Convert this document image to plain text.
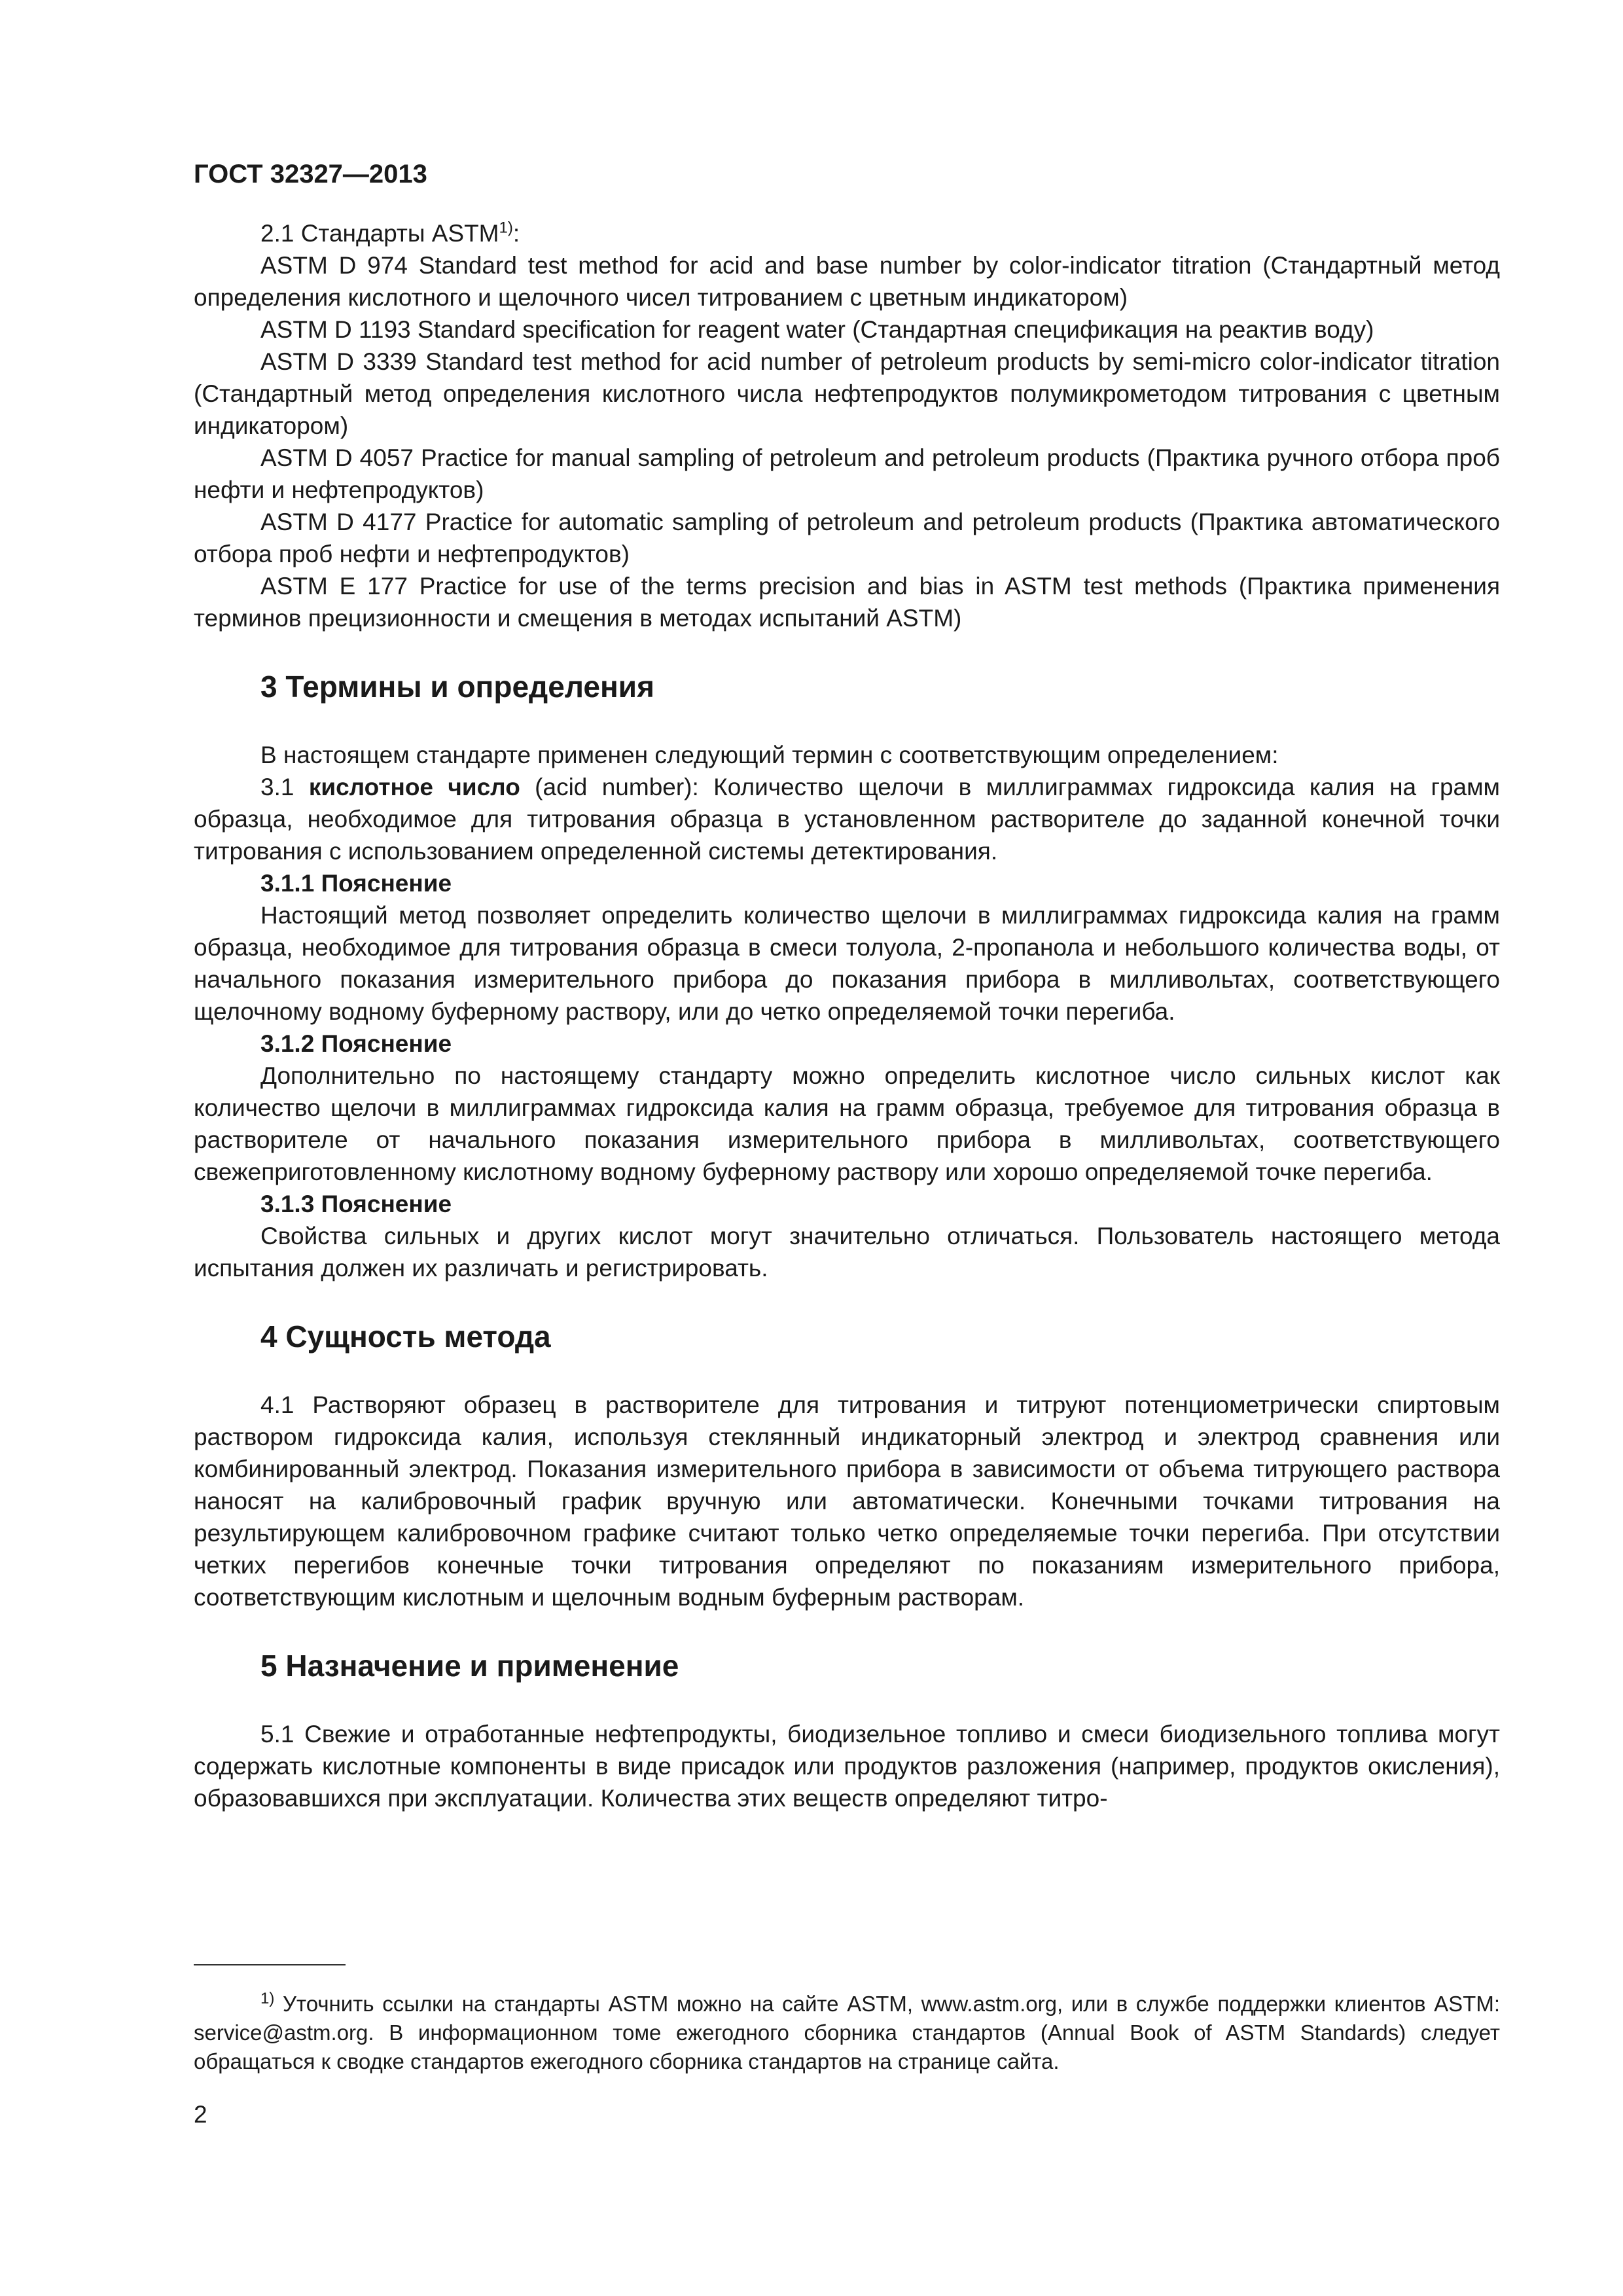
ГОСТ 32327—2013

2.1 Стандарты ASTM$^{1)}$:

ASTM D 974 Standard test method for acid and base number by color-indicator titration (Стандартный метод определения кислотного и щелочного чисел титрованием с цветным индикатором)

ASTM D 1193 Standard specification for reagent water (Стандартная спецификация на реактив воду)

ASTM D 3339 Standard test method for acid number of petroleum products by semi-micro color-indicator titration (Стандартный метод определения кислотного числа нефтепродуктов полумикрометодом титрования с цветным индикатором)

ASTM D 4057 Practice for manual sampling of petroleum and petroleum products (Практика ручного отбора проб нефти и нефтепродуктов)

ASTM D 4177 Practice for automatic sampling of petroleum and petroleum products (Практика автоматического отбора проб нефти и нефтепродуктов)

ASTM E 177 Practice for use of the terms precision and bias in ASTM test methods (Практика применения терминов прецизионности и смещения в методах испытаний ASTM)

3 Термины и определения

В настоящем стандарте применен следующий термин с соответствующим определением:

3.1 кислотное число (acid number): Количество щелочи в миллиграммах гидроксида калия на грамм образца, необходимое для титрования образца в установленном растворителе до заданной конечной точки титрования с использованием определенной системы детектирования.

3.1.1 Пояснение

Настоящий метод позволяет определить количество щелочи в миллиграммах гидроксида калия на грамм образца, необходимое для титрования образца в смеси толуола, 2-пропанола и небольшого количества воды, от начального показания измерительного прибора до показания прибора в милливольтах, соответствующего щелочному водному буферному раствору, или до четко определяемой точки перегиба.

3.1.2 Пояснение

Дополнительно по настоящему стандарту можно определить кислотное число сильных кислот как количество щелочи в миллиграммах гидроксида калия на грамм образца, требуемое для титрования образца в растворителе от начального показания измерительного прибора в милливольтах, соответствующего свежеприготовленному кислотному водному буферному раствору или хорошо определяемой точке перегиба.

3.1.3 Пояснение

Свойства сильных и других кислот могут значительно отличаться. Пользователь настоящего метода испытания должен их различать и регистрировать.

4 Сущность метода

4.1 Растворяют образец в растворителе для титрования и титруют потенциометрически спиртовым раствором гидроксида калия, используя стеклянный индикаторный электрод и электрод сравнения или комбинированный электрод. Показания измерительного прибора в зависимости от объема титрующего раствора наносят на калибровочный график вручную или автоматически. Конечными точками титрования на результирующем калибровочном графике считают только четко определяемые точки перегиба. При отсутствии четких перегибов конечные точки титрования определяют по показаниям измерительного прибора, соответствующим кислотным и щелочным водным буферным растворам.

5 Назначение и применение

5.1 Свежие и отработанные нефтепродукты, биодизельное топливо и смеси биодизельного топлива могут содержать кислотные компоненты в виде присадок или продуктов разложения (например, продуктов окисления), образовавшихся при эксплуатации. Количества этих веществ определяют титро-

$^{1)}$ Уточнить ссылки на стандарты ASTM можно на сайте ASTM, www.astm.org, или в службе поддержки клиентов ASTM: service@astm.org. В информационном томе ежегодного сборника стандартов (Annual Book of ASTM Standards) следует обращаться к сводке стандартов ежегодного сборника стандартов на странице сайта.

2
